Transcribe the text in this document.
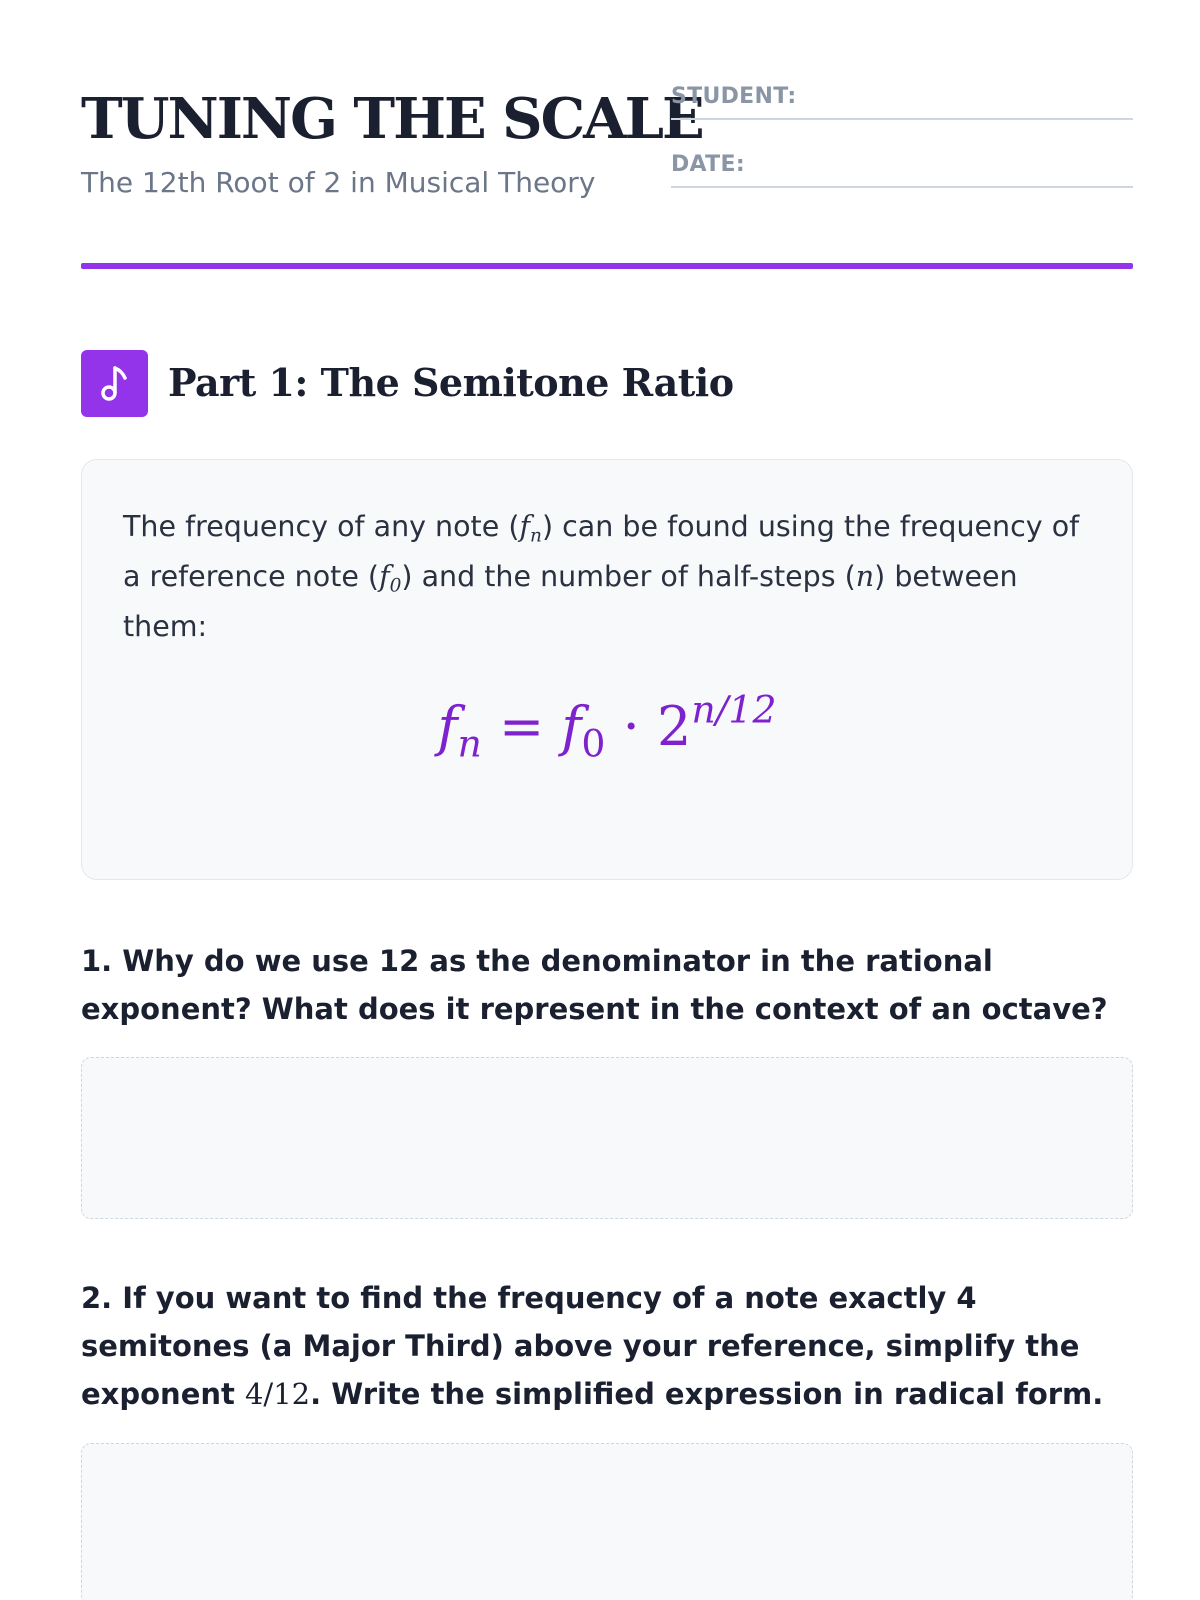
TUNING THE SCALE
The 12th Root of 2 in Musical Theory
STUDENT:
DATE:
Part 1: The Semitone Ratio

The frequency of any note $(f_n)$ can be found using the frequency of a reference note $(f_0)$ and the number of half-steps (n) between them:

$f_n = f_0 \cdot 2^{n/12}$
1. Why do we use 12 as the denominator in the rational exponent? What does it represent in the context of an octave?
2. If you want to find the frequency of a note exactly 4 semitones (a Major Third) above your reference, simplify the exponent 4/12. Write the simplified expression in radical form.
